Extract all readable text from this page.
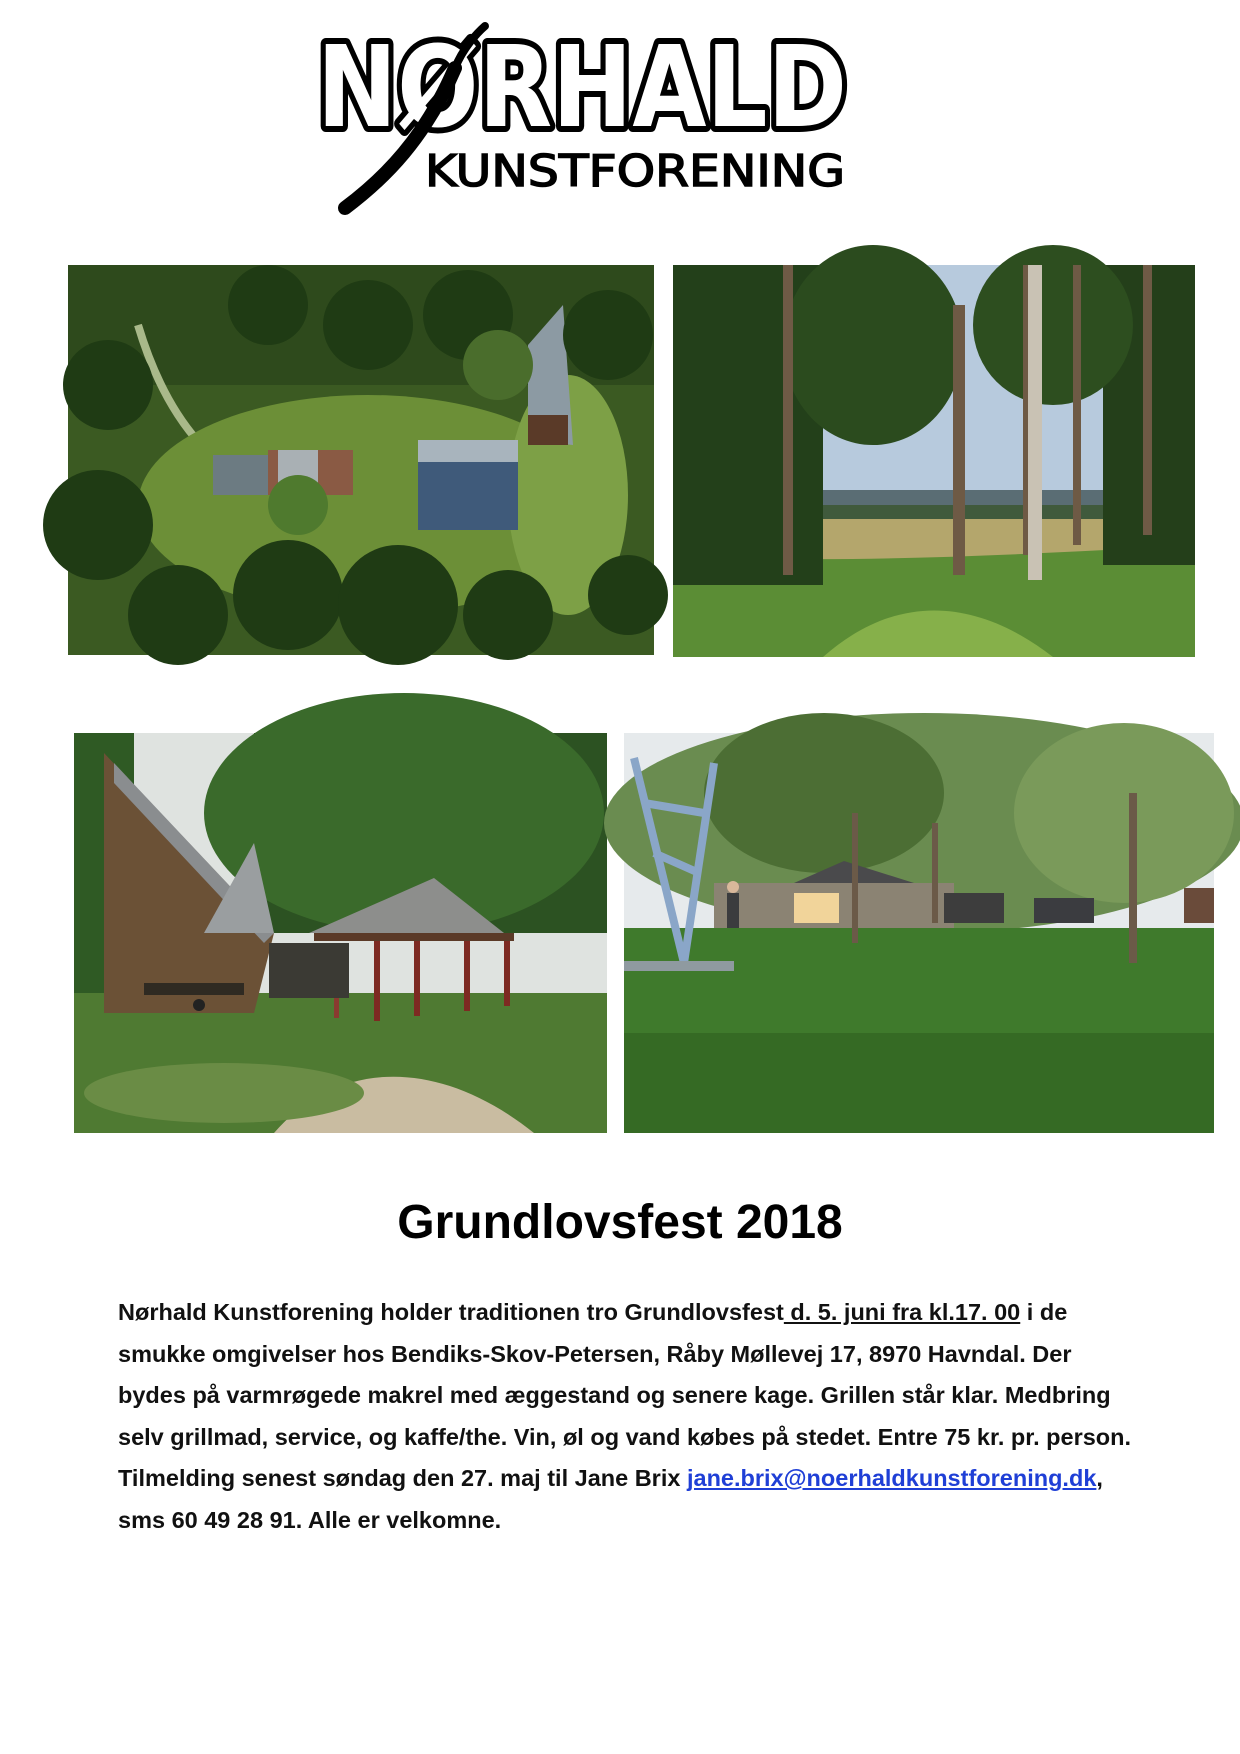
NØRHALD
KUNSTFORENING
Grundlovsfest 2018

Nørhald Kunstforening holder traditionen tro Grundlovsfest d. 5. juni fra kl.17. 00 i de smukke omgivelser hos Bendiks-Skov-Petersen, Råby Møllevej 17, 8970 Havndal. Der bydes på varmrøgede makrel med æggestand og senere kage. Grillen står klar. Medbring selv grillmad, service, og kaffe/the. Vin, øl og vand købes på stedet. Entre 75 kr. pr. person. Tilmelding senest søndag den 27. maj til Jane Brix jane.brix@noerhaldkunstforening.dk, sms 60 49 28 91. Alle er velkomne.
